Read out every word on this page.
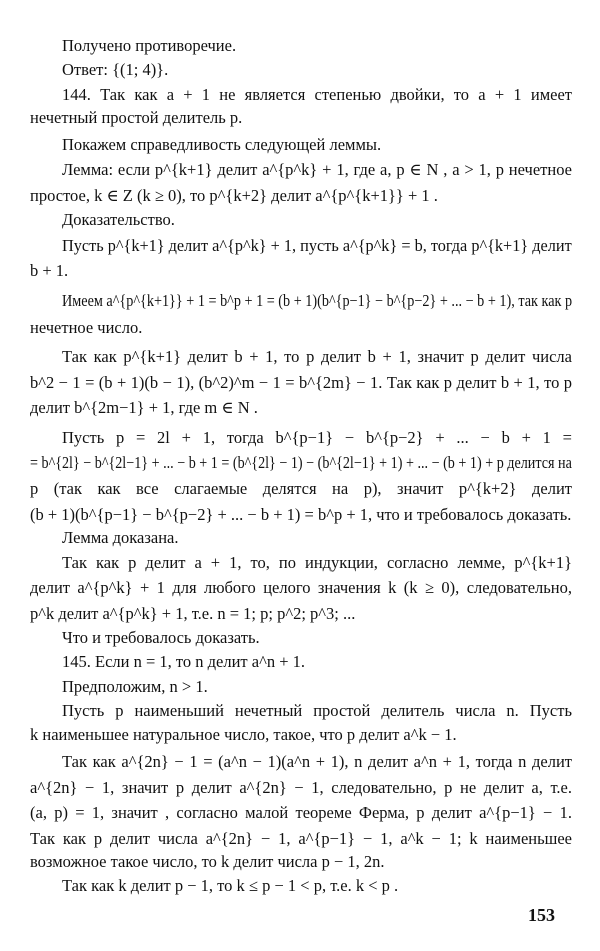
Получено противоречие.
Ответ: {(1; 4)}.
144. Так как a + 1 не является степенью двойки, то a + 1 имеет
нечетный простой делитель p.
Покажем справедливость следующей леммы.
Лемма: если p^{k+1} делит a^{p^k} + 1, где a, p ∈ N , a > 1, p нечетное
простое, k ∈ Z (k ≥ 0), то p^{k+2} делит a^{p^{k+1}} + 1 .
Доказательство.
Пусть p^{k+1} делит a^{p^k} + 1, пусть a^{p^k} = b, тогда p^{k+1} делит
b + 1.
Имеем a^{p^{k+1}} + 1 = b^p + 1 = (b + 1)(b^{p−1} − b^{p−2} + ... − b + 1), так как p
нечетное число.
Так как p^{k+1} делит b + 1, то p делит b + 1, значит p делит числа
b^2 − 1 = (b + 1)(b − 1), (b^2)^m − 1 = b^{2m} − 1. Так как p делит b + 1, то p
делит b^{2m−1} + 1, где m ∈ N .
Пусть p = 2l + 1, тогда b^{p−1} − b^{p−2} + ... − b + 1 =
= b^{2l} − b^{2l−1} + ... − b + 1 = (b^{2l} − 1) − (b^{2l−1} + 1) + ... − (b + 1) + p делится на
p (так как все слагаемые делятся на p), значит p^{k+2} делит
(b + 1)(b^{p−1} − b^{p−2} + ... − b + 1) = b^p + 1, что и требовалось доказать.
Лемма доказана.
Так как p делит a + 1, то, по индукции, согласно лемме, p^{k+1}
делит a^{p^k} + 1 для любого целого значения k (k ≥ 0), следовательно,
p^k делит a^{p^k} + 1, т.е. n = 1; p; p^2; p^3; ...
Что и требовалось доказать.
145. Если n = 1, то n делит a^n + 1.
Предположим, n > 1.
Пусть p наименьший нечетный простой делитель числа n. Пусть
k наименьшее натуральное число, такое, что p делит a^k − 1.
Так как a^{2n} − 1 = (a^n − 1)(a^n + 1), n делит a^n + 1, тогда n делит
a^{2n} − 1, значит p делит a^{2n} − 1, следовательно, p не делит a, т.е.
(a, p) = 1, значит , согласно малой теореме Ферма, p делит a^{p−1} − 1.
Так как p делит числа a^{2n} − 1, a^{p−1} − 1, a^k − 1; k наименьшее
возможное такое число, то k делит числа p − 1, 2n.
Так как k делит p − 1, то k ≤ p − 1 < p, т.е. k < p .
153
